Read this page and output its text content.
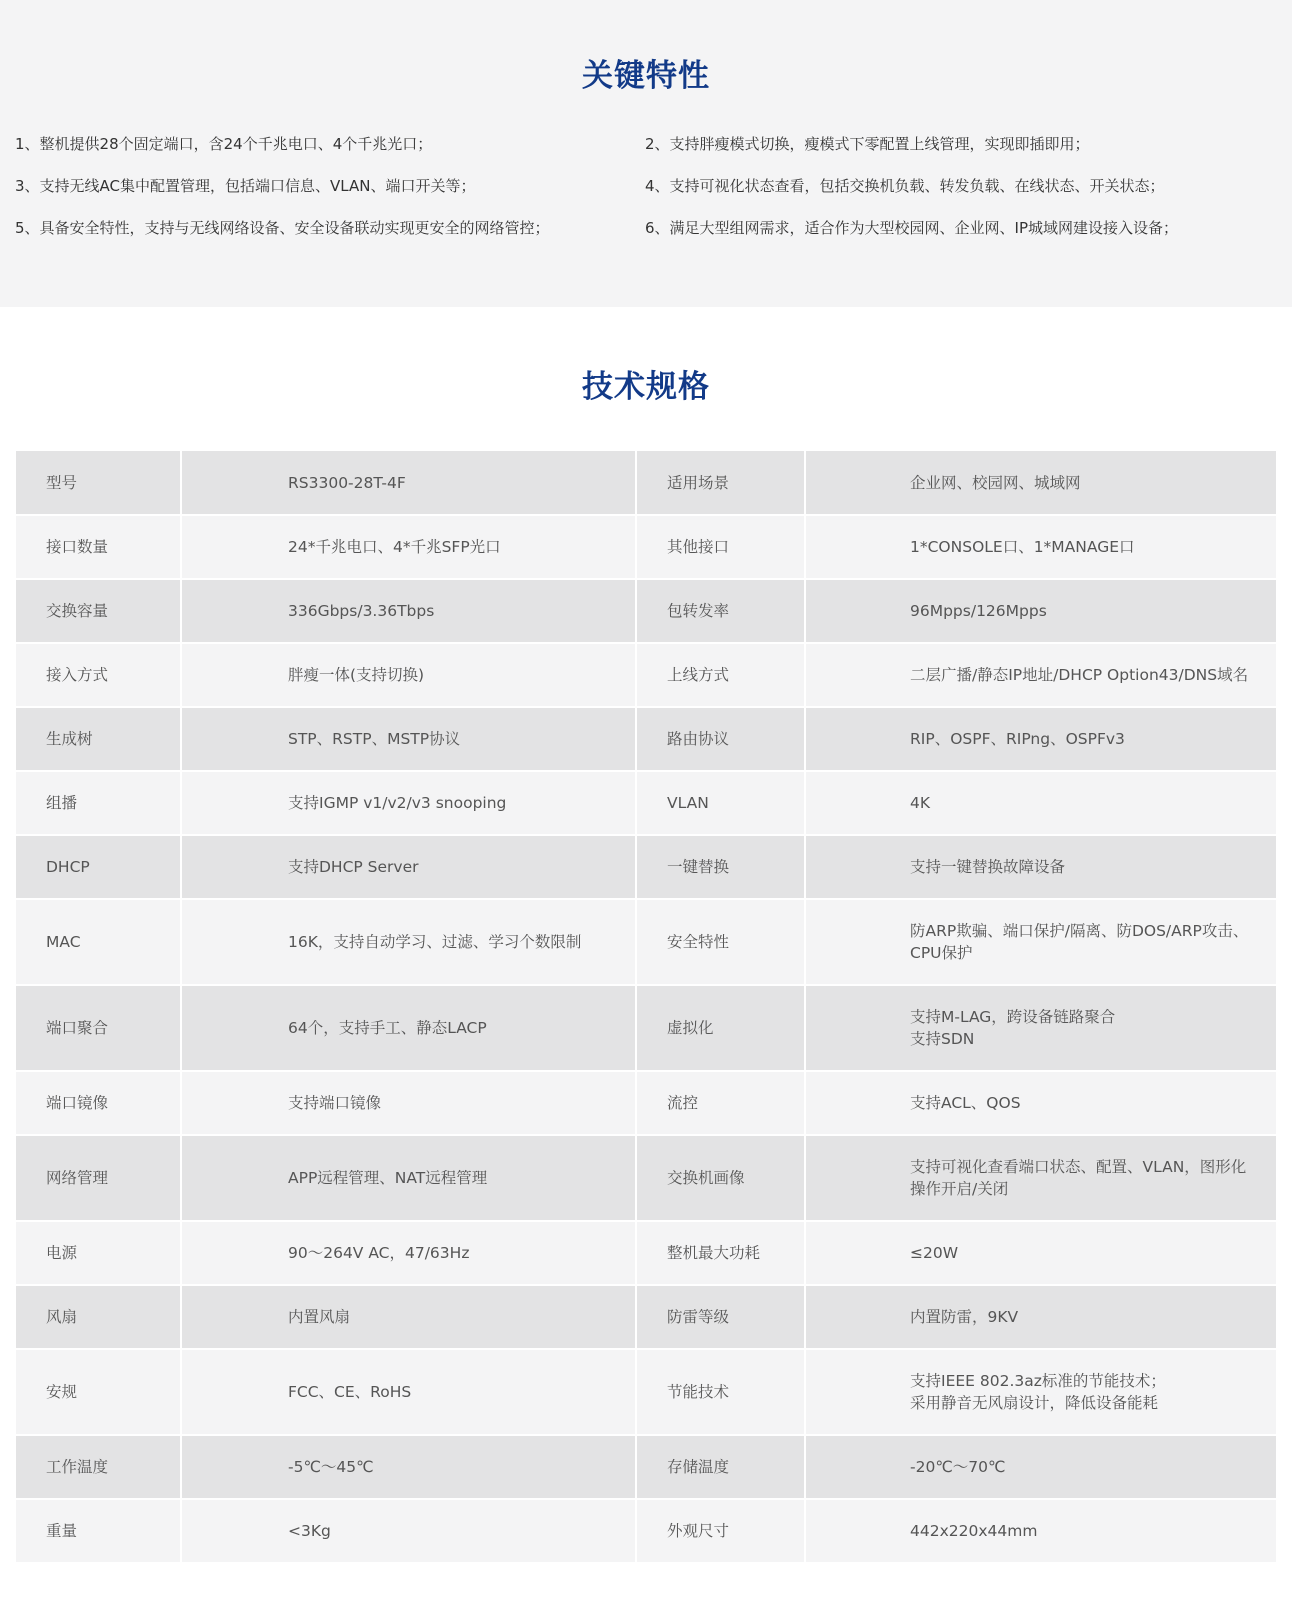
关键特性
1、整机提供28个固定端口，含24个千兆电口、4个千兆光口；	2、支持胖瘦模式切换，瘦模式下零配置上线管理，实现即插即用；
3、支持无线AC集中配置管理，包括端口信息、VLAN、端口开关等；	4、支持可视化状态查看，包括交换机负载、转发负载、在线状态、开关状态；
5、具备安全特性，支持与无线网络设备、安全设备联动实现更安全的网络管控；	6、满足大型组网需求，适合作为大型校园网、企业网、IP城域网建设接入设备；
技术规格
型号	RS3300-28T-4F	适用场景	企业网、校园网、城域网

接口数量	24*千兆电口、4*千兆SFP光口	其他接口	1*CONSOLE口、1*MANAGE口

交换容量	336Gbps/3.36Tbps	包转发率	96Mpps/126Mpps

接入方式	胖瘦一体(支持切换)	上线方式	二层广播/静态IP地址/DHCP Option43/DNS域名

生成树	STP、RSTP、MSTP协议	路由协议	RIP、OSPF、RIPng、OSPFv3

组播	支持IGMP v1/v2/v3 snooping	VLAN	4K

DHCP	支持DHCP Server	一键替换	支持一键替换故障设备

MAC	16K，支持自动学习、过滤、学习个数限制	安全特性	防ARP欺骗、端口保护/隔离、防DOS/ARP攻击、
CPU保护

端口聚合	64个，支持手工、静态LACP	虚拟化	支持M-LAG，跨设备链路聚合
支持SDN

端口镜像	支持端口镜像	流控	支持ACL、QOS

网络管理	APP远程管理、NAT远程管理	交换机画像	支持可视化查看端口状态、配置、VLAN，图形化
操作开启/关闭

电源	90～264V AC，47/63Hz	整机最大功耗	≤20W

风扇	内置风扇	防雷等级	内置防雷，9KV

安规	FCC、CE、RoHS	节能技术	支持IEEE 802.3az标准的节能技术；
采用静音无风扇设计，降低设备能耗

工作温度	-5℃～45℃	存储温度	-20℃～70℃

重量	<3Kg	外观尺寸	442x220x44mm
